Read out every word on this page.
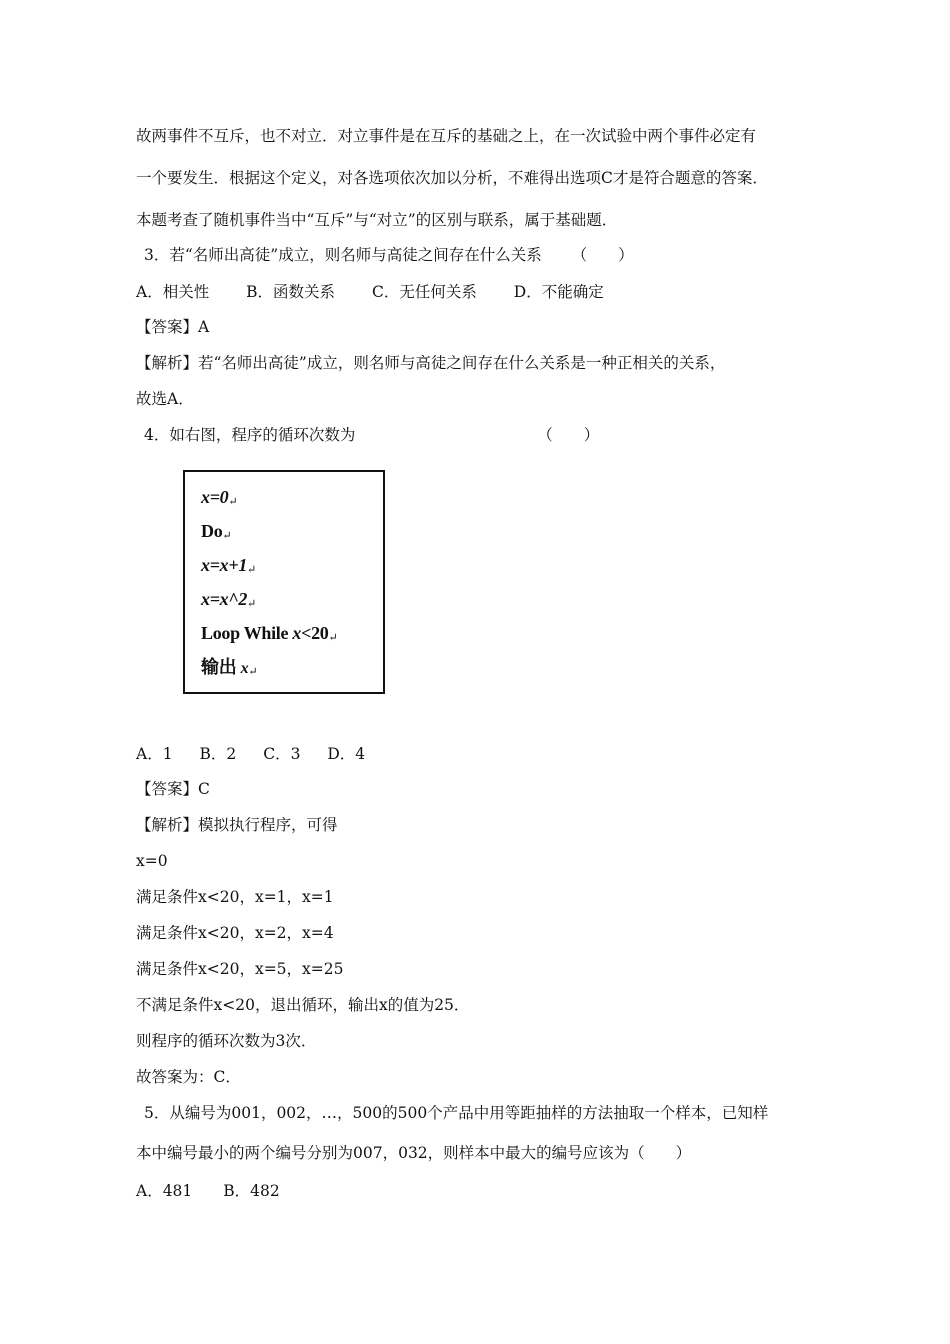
故两事件不互斥，也不对立．对立事件是在互斥的基础之上，在一次试验中两个事件必定有
一个要发生．根据这个定义，对各选项依次加以分析，不难得出选项C才是符合题意的答案．
本题考查了随机事件当中“互斥”与“对立”的区别与联系，属于基础题．
3．若“名师出高徒”成立，则名师与高徒之间存在什么关系 （　　）
A．相关性 B．函数关系 C．无任何关系 D．不能确定
【答案】A
【解析】若“名师出高徒”成立，则名师与高徒之间存在什么关系是一种正相关的关系，
故选A．
4．如右图，程序的循环次数为	（　　）
x=0↵
Do↵
x=x+1↵
x=x^2↵
Loop While x<20↵
输出 x↵
A．1 B．2 C．3 D．4
【答案】C
【解析】模拟执行程序，可得
x=0
满足条件x<20，x=1，x=1
满足条件x<20，x=2，x=4
满足条件x<20，x=5，x=25
不满足条件x<20，退出循环，输出x的值为25．
则程序的循环次数为3次．
故答案为：C．
5．从编号为001，002，…，500的500个产品中用等距抽样的方法抽取一个样本，已知样
本中编号最小的两个编号分别为007，032，则样本中最大的编号应该为（　　）
A．481 B．482
